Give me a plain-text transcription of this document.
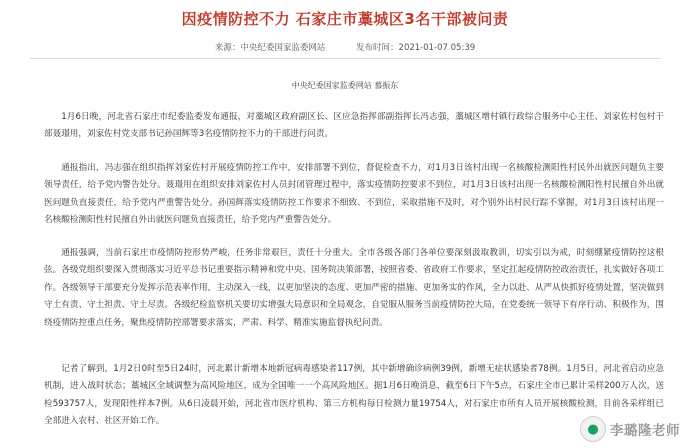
因疫情防控不力 石家庄市藁城区3名干部被问责
来源：中央纪委国家监委网站	发布时间：2021-01-07 05:39
中央纪委国家监委网站 慕振东

1月6日晚，河北省石家庄市纪委监委发布通报，对藁城区政府副区长、区应急指挥部副指挥长冯志强，藁城区增村镇行政综合服务中心主任、刘家佐村包村干部聂璟用，刘家佐村党支部书记孙国辉等3名疫情防控不力的干部进行问责。

通报指出，冯志强在组织指挥刘家佐村开展疫情防控工作中，安排部署不到位，督促检查不力，对1月3日该村出现一名核酸检测阳性村民外出就医问题负主要领导责任，给予党内警告处分。聂璟用在组织安排刘家佐村人员封闭管理过程中，落实疫情防控要求不到位，对1月3日该村出现一名核酸检测阳性村民擅自外出就医问题负直接责任，给予党内严重警告处分。孙国辉落实疫情防控工作要求不细致、不到位，采取措施不及时，对个别外出村民行踪不掌握，对1月3日该村出现一名核酸检测阳性村民擅自外出就医问题负直接责任，给予党内严重警告处分。

通报强调，当前石家庄市疫情防控形势严峻，任务非常艰巨，责任十分重大。全市各级各部门各单位要深刻汲取教训，切实引以为戒，时刻绷紧疫情防控这根弦。各级党组织要深入贯彻落实习近平总书记重要指示精神和党中央、国务院决策部署，按照省委、省政府工作要求，坚定扛起疫情防控政治责任，扎实做好各项工作。各级领导干部要充分发挥示范表率作用，主动深入一线，以更加坚决的态度、更加严密的措施、更加务实的作风，全力以赴、从严从快抓好疫情处置，坚决做到守土有责、守土担责、守土尽责。各级纪检监察机关要切实增强大局意识和全局观念，自觉服从服务当前疫情防控大局，在党委统一领导下有序行动、积极作为，围绕疫情防控重点任务，聚焦疫情防控部署要求落实，严肃、科学、精准实施监督执纪问责。

记者了解到，1月2日0时至5日24时，河北累计新增本地新冠病毒感染者117例，其中新增确诊病例39例，新增无症状感染者78例。1月5日，河北省启动应急机制，进入战时状态；藁城区全域调整为高风险地区，成为全国唯一一个高风险地区。据1月6日晚消息，截至6日下午5点，石家庄全市已累计采样200万人次，送检593757人，发现阳性样本7例。从6日凌晨开始，河北省市医疗机构、第三方机构每日检测力量19754人，对石家庄市所有人员开展核酸检测，目前各采样组已全部进入农村、社区开始工作。

● 李璐隆老师
